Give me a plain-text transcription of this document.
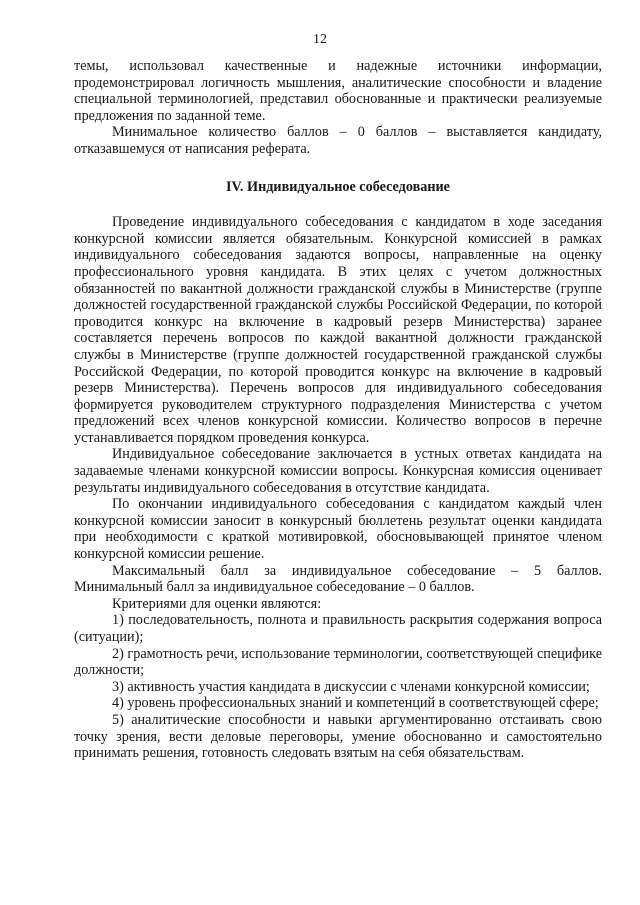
12

темы, использовал качественные и надежные источники информации, продемонстрировал логичность мышления, аналитические способности и владение специальной терминологией, представил обоснованные и практически реализуемые предложения по заданной теме.

Минимальное количество баллов – 0 баллов – выставляется кандидату, отказавшемуся от написания реферата.

IV. Индивидуальное собеседование

Проведение индивидуального собеседования с кандидатом в ходе заседания конкурсной комиссии является обязательным. Конкурсной комиссией в рамках индивидуального собеседования задаются вопросы, направленные на оценку профессионального уровня кандидата. В этих целях с учетом должностных обязанностей по вакантной должности гражданской службы в Министерстве (группе должностей государственной гражданской службы Российской Федерации, по которой проводится конкурс на включение в кадровый резерв Министерства) заранее составляется перечень вопросов по каждой вакантной должности гражданской службы в Министерстве (группе должностей государственной гражданской службы Российской Федерации, по которой проводится конкурс на включение в кадровый резерв Министерства). Перечень вопросов для индивидуального собеседования формируется руководителем структурного подразделения Министерства с учетом предложений всех членов конкурсной комиссии. Количество вопросов в перечне устанавливается порядком проведения конкурса.

Индивидуальное собеседование заключается в устных ответах кандидата на задаваемые членами конкурсной комиссии вопросы. Конкурсная комиссия оценивает результаты индивидуального собеседования в отсутствие кандидата.

По окончании индивидуального собеседования с кандидатом каждый член конкурсной комиссии заносит в конкурсный бюллетень результат оценки кандидата при необходимости с краткой мотивировкой, обосновывающей принятое членом конкурсной комиссии решение.

Максимальный балл за индивидуальное собеседование – 5 баллов. Минимальный балл за индивидуальное собеседование – 0 баллов.

Критериями для оценки являются:

1) последовательность, полнота и правильность раскрытия содержания вопроса (ситуации);

2) грамотность речи, использование терминологии, соответствующей специфике должности;

3) активность участия кандидата в дискуссии с членами конкурсной комиссии;

4) уровень профессиональных знаний и компетенций в соответствующей сфере;

5) аналитические способности и навыки аргументированно отстаивать свою точку зрения, вести деловые переговоры, умение обоснованно и самостоятельно принимать решения, готовность следовать взятым на себя обязательствам.
